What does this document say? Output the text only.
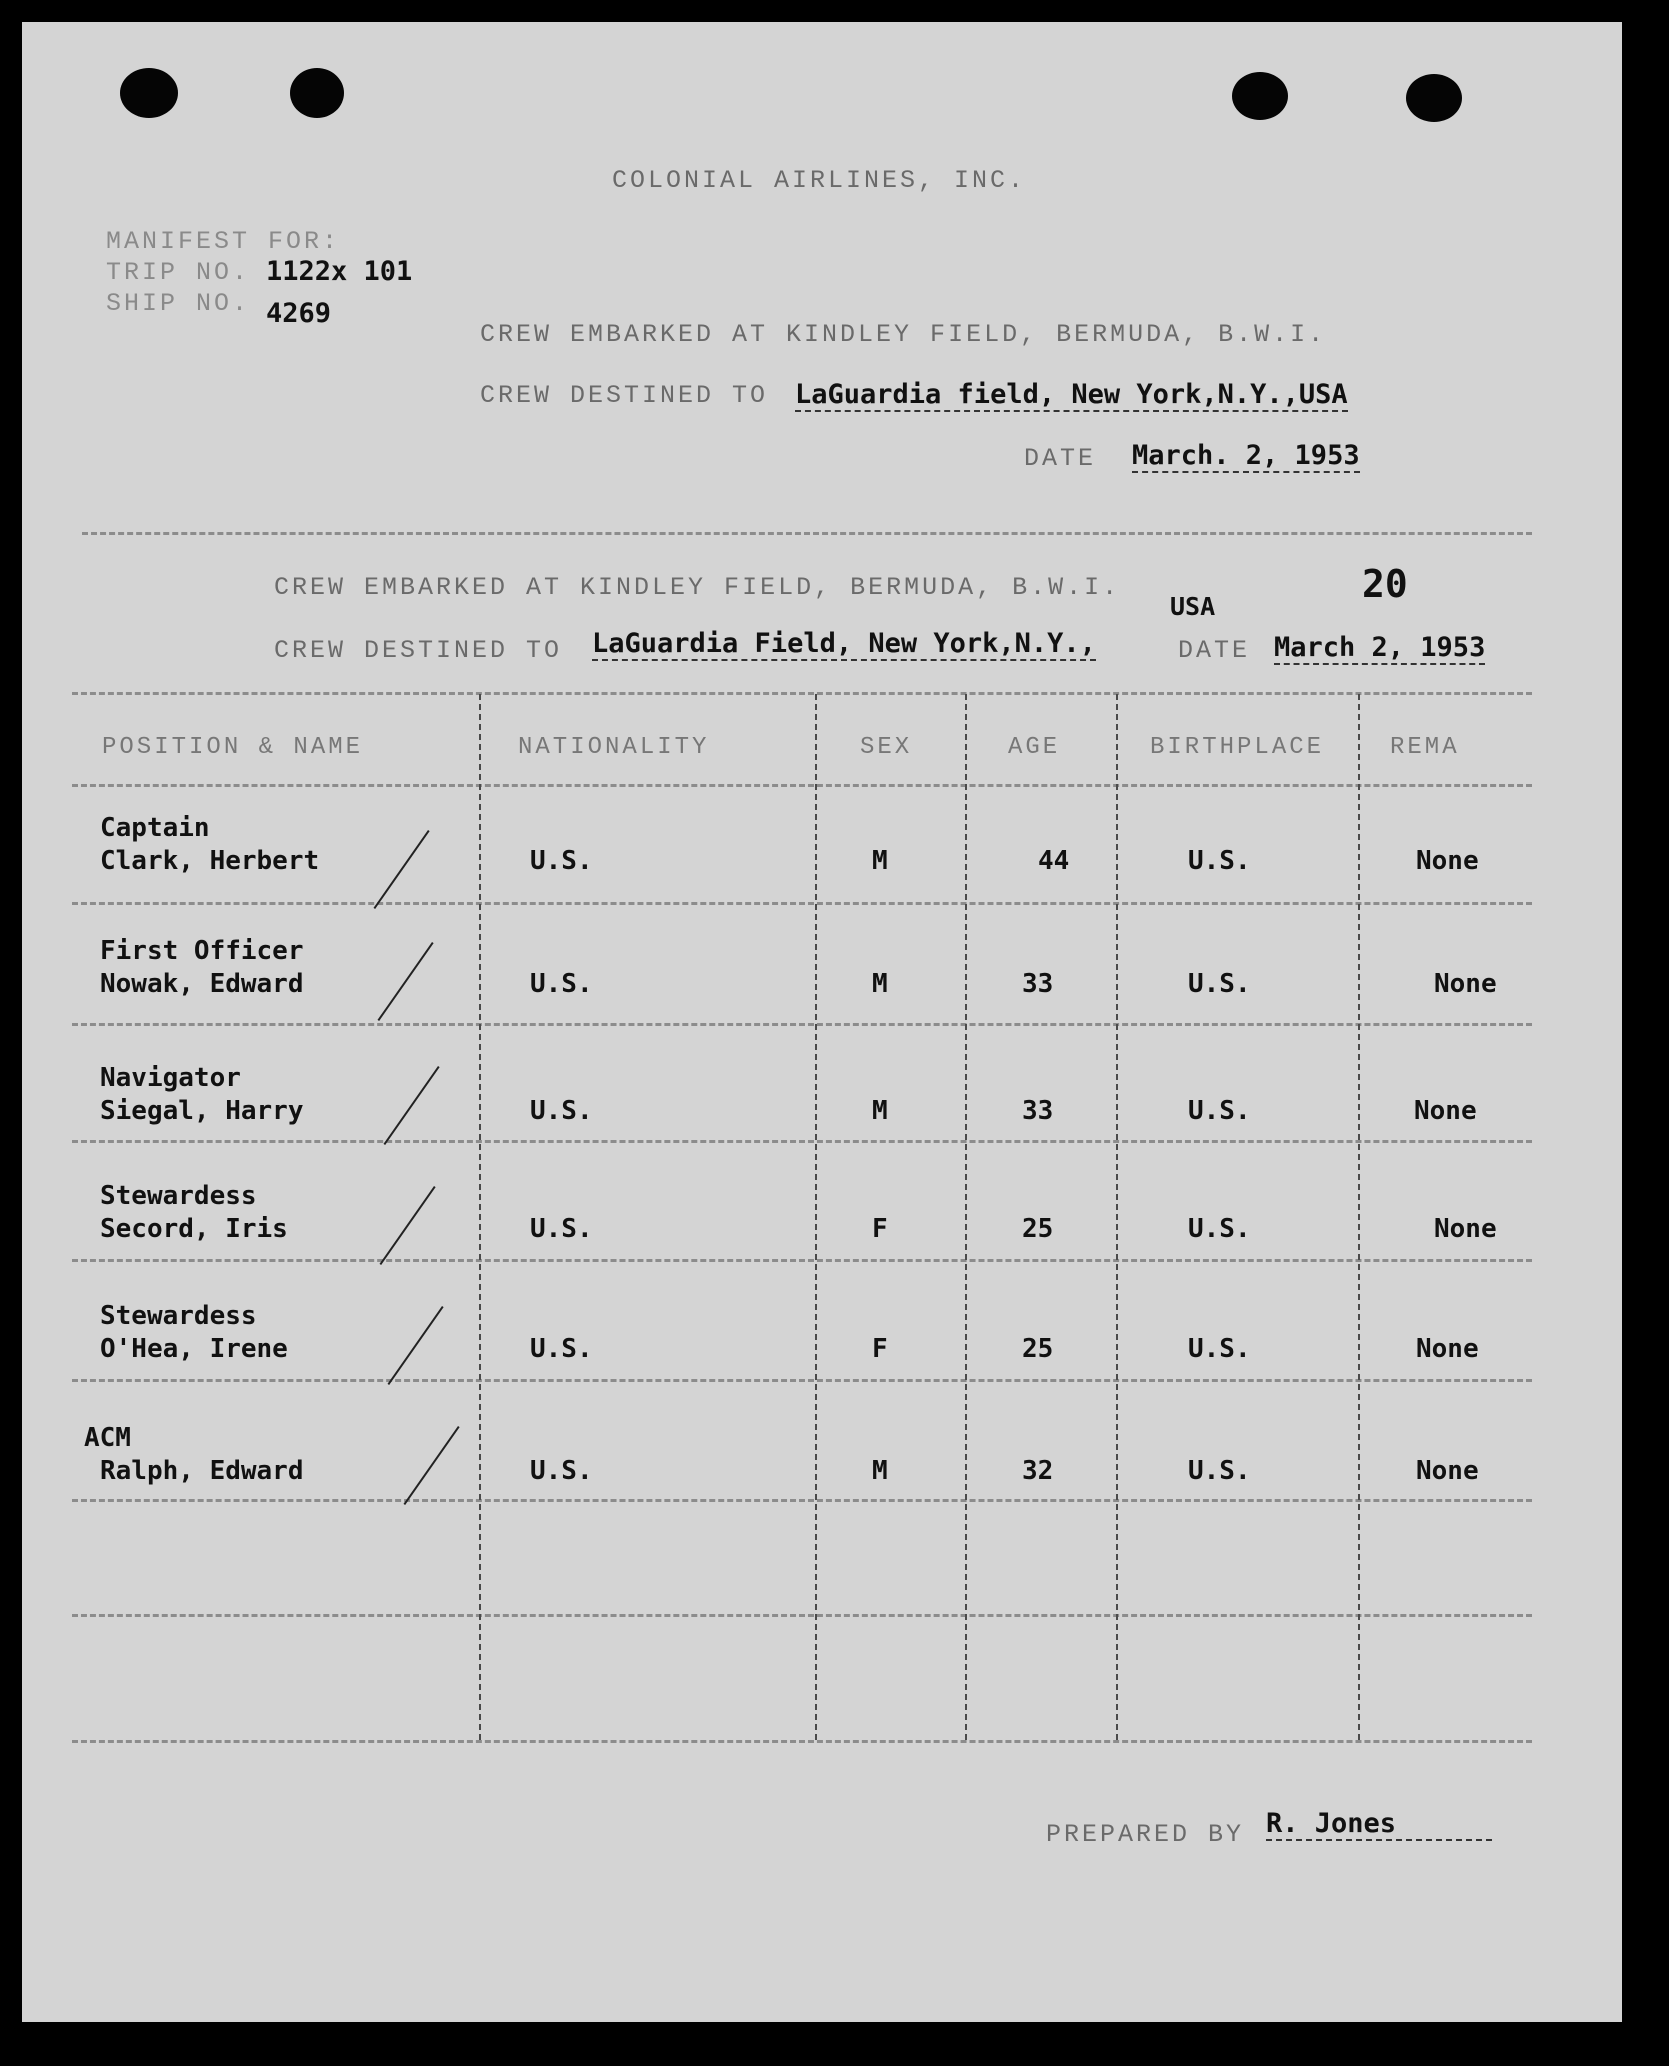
COLONIAL AIRLINES, INC.
MANIFEST FOR:
TRIP NO. 1122x 101
SHIP NO. 4269
CREW EMBARKED AT KINDLEY FIELD, BERMUDA, B.W.I.
CREW DESTINED TO LaGuardia field, New York,N.Y.,USA
DATE March. 2, 1953
CREW EMBARKED AT KINDLEY FIELD, BERMUDA, B.W.I.
USA
20
CREW DESTINED TO LaGuardia Field, New York,N.Y.,	DATE March 2, 1953
POSITION & NAME	NATIONALITY	SEX	AGE	BIRTHPLACE	REMA
Captain
Clark, Herbert	U.S.	M	44	U.S.	None
First Officer
Nowak, Edward	U.S.	M	33	U.S.	None
Navigator
Siegal, Harry	U.S.	M	33	U.S.	None
Stewardess
Secord, Iris	U.S.	F	25	U.S.	None
Stewardess
O'Hea, Irene	U.S.	F	25	U.S.	None
ACM
Ralph, Edward	U.S.	M	32	U.S.	None
PREPARED BY R. Jones
